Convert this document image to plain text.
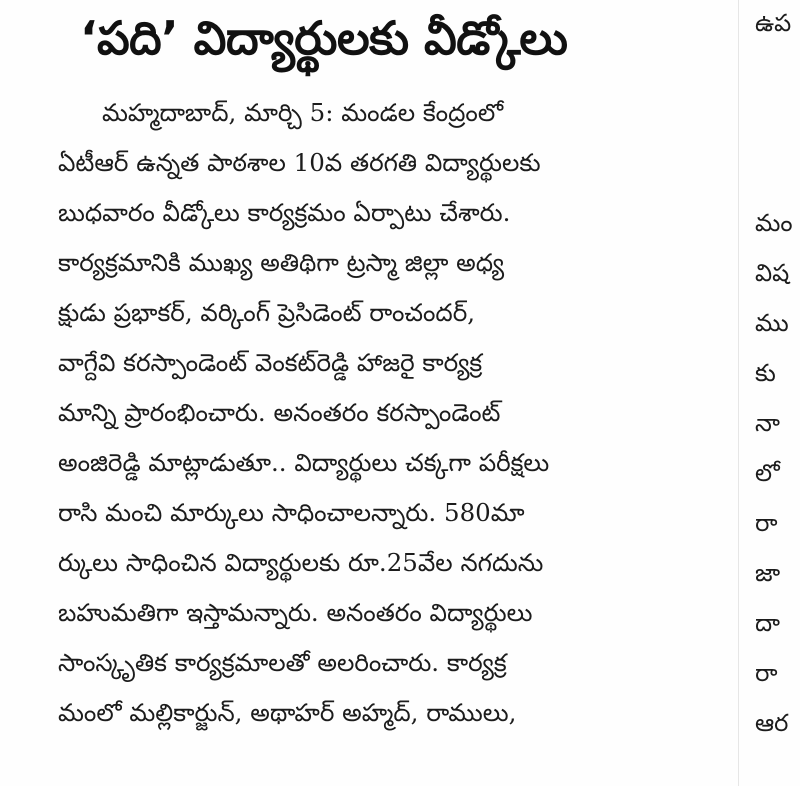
‘పది’ విద్యార్థులకు వీడ్కోలు
మహ్మదాబాద్, మార్చి 5: మండల కేంద్రంలో
ఏటీఆర్ ఉన్నత పాఠశాల 10వ తరగతి విద్యార్థులకు
బుధవారం వీడ్కోలు కార్యక్రమం ఏర్పాటు చేశారు.
కార్యక్రమానికి ముఖ్య అతిథిగా ట్రస్మా జిల్లా అధ్య
క్షుడు ప్రభాకర్, వర్కింగ్ ప్రెసిడెంట్ రాంచందర్,
వాగ్దేవి కరస్పాండెంట్ వెంకట్‌రెడ్డి హాజరై కార్యక్ర
మాన్ని ప్రారంభించారు. అనంతరం కరస్పాండెంట్
అంజిరెడ్డి మాట్లాడుతూ.. విద్యార్థులు చక్కగా పరీక్షలు
రాసి మంచి మార్కులు సాధించాలన్నారు. 580మా
ర్కులు సాధించిన విద్యార్థులకు రూ.25వేల నగదును
బహుమతిగా ఇస్తామన్నారు. అనంతరం విద్యార్థులు
సాంస్కృతిక కార్యక్రమాలతో అలరించారు. కార్యక్ర
మంలో మల్లికార్జున్, అథాహర్ అహ్మద్, రాములు,
ఉప
మం
విష
ము
కు
నా
లో
రా
జా
దా
రా
ఆర
